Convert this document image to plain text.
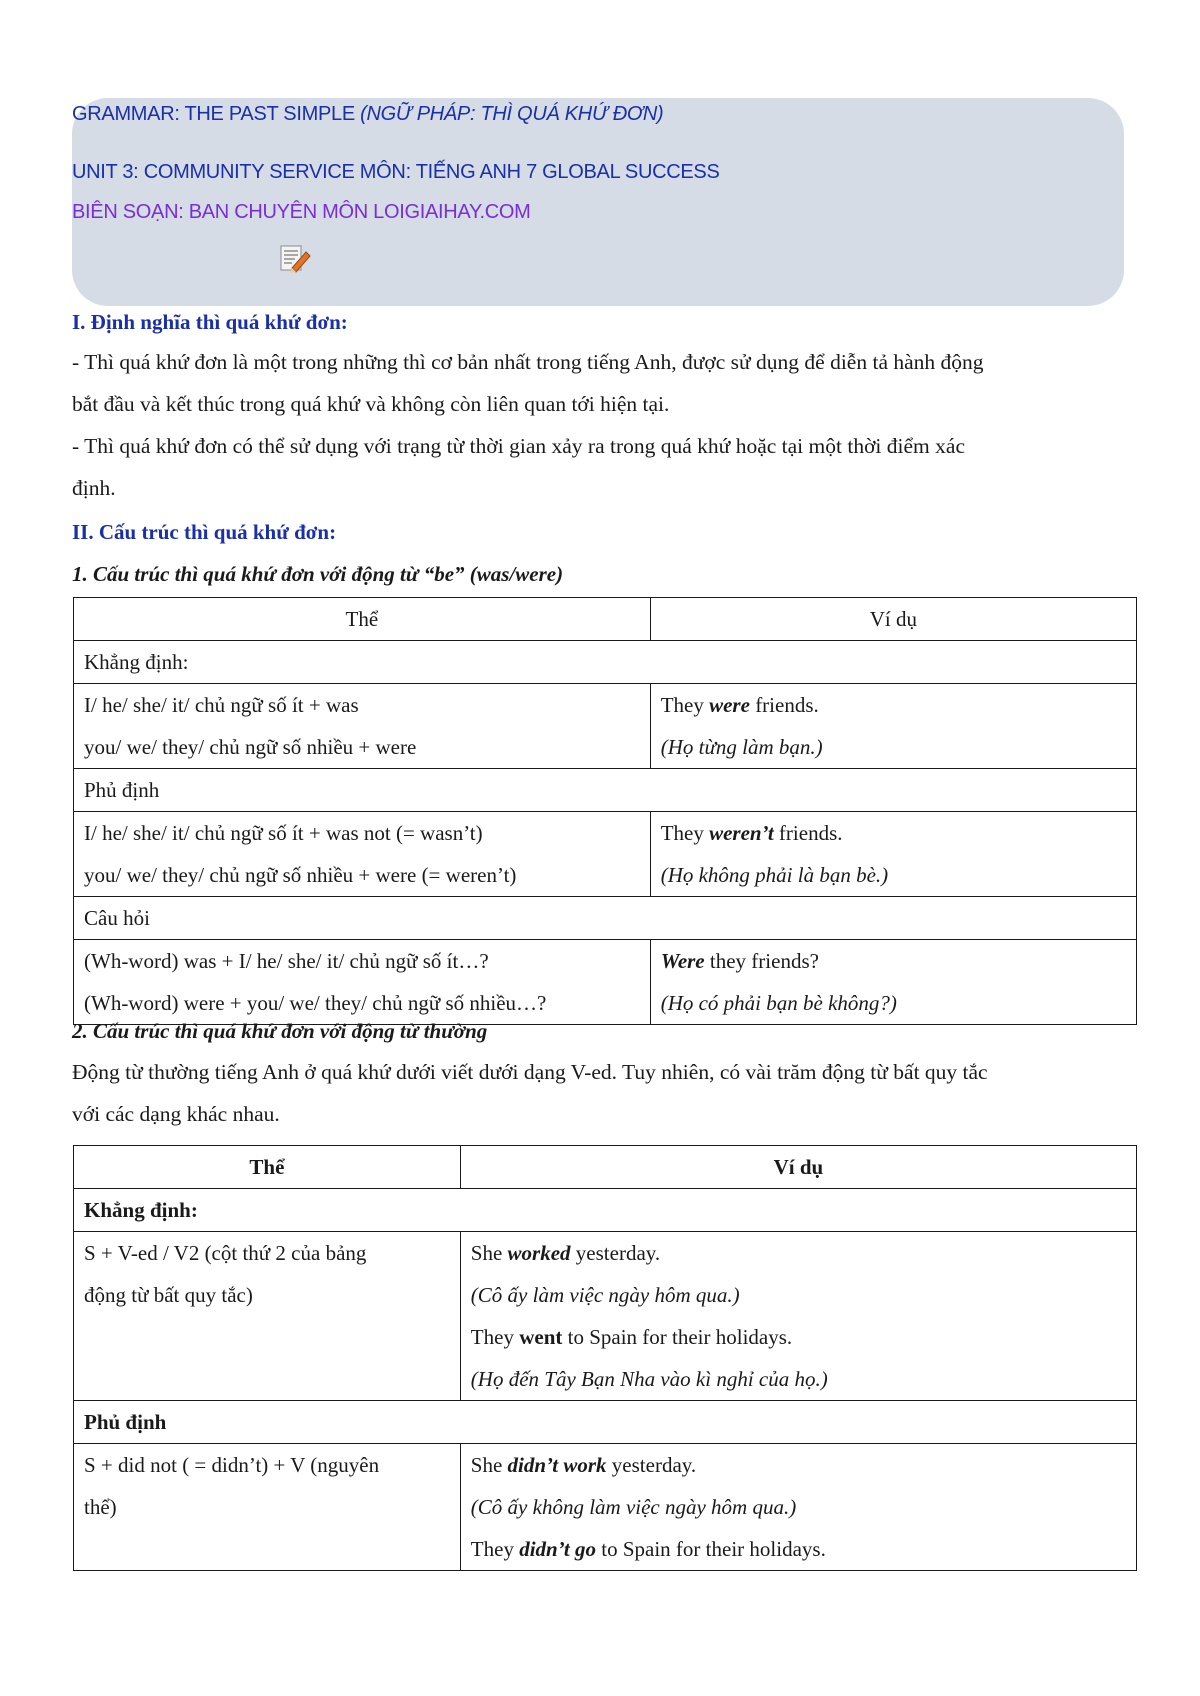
GRAMMAR: THE PAST SIMPLE (NGỮ PHÁP: THÌ QUÁ KHỨ ĐƠN)
UNIT 3: COMMUNITY SERVICE MÔN: TIẾNG ANH 7 GLOBAL SUCCESS
BIÊN SOẠN: BAN CHUYÊN MÔN LOIGIAIHAY.COM
I. Định nghĩa thì quá khứ đơn:
- Thì quá khứ đơn là một trong những thì cơ bản nhất trong tiếng Anh, được sử dụng để diễn tả hành động
bắt đầu và kết thúc trong quá khứ và không còn liên quan tới hiện tại.
- Thì quá khứ đơn có thể sử dụng với trạng từ thời gian xảy ra trong quá khứ hoặc tại một thời điểm xác
định.
II. Cấu trúc thì quá khứ đơn:
1. Cấu trúc thì quá khứ đơn với động từ “be” (was/were)
Thể	Ví dụ
Khẳng định:	

I/ he/ she/ it/ chủ ngữ số ít + was
you/ we/ they/ chủ ngữ số nhiều + were	They were friends.
(Họ từng làm bạn.)

Phủ định	

I/ he/ she/ it/ chủ ngữ số ít + was not (= wasn’t)
you/ we/ they/ chủ ngữ số nhiều + were (= weren’t)	They weren’t friends.
(Họ không phải là bạn bè.)

Câu hỏi	

(Wh-word) was + I/ he/ she/ it/ chủ ngữ số ít…?
(Wh-word) were + you/ we/ they/ chủ ngữ số nhiều…?	Were they friends?
(Họ có phải bạn bè không?)
2. Cấu trúc thì quá khứ đơn với động từ thường
Động từ thường tiếng Anh ở quá khứ dưới viết dưới dạng V-ed. Tuy nhiên, có vài trăm động từ bất quy tắc
với các dạng khác nhau.
Thể	Ví dụ
Khẳng định:	

S + V-ed / V2 (cột thứ 2 của bảng
động từ bất quy tắc)	She worked yesterday.
(Cô ấy làm việc ngày hôm qua.)
They went to Spain for their holidays.
(Họ đến Tây Bạn Nha vào kì nghỉ của họ.)

Phủ định	

S + did not ( = didn’t) + V (nguyên
thể)	She didn’t work yesterday.
(Cô ấy không làm việc ngày hôm qua.)
They didn’t go to Spain for their holidays.
